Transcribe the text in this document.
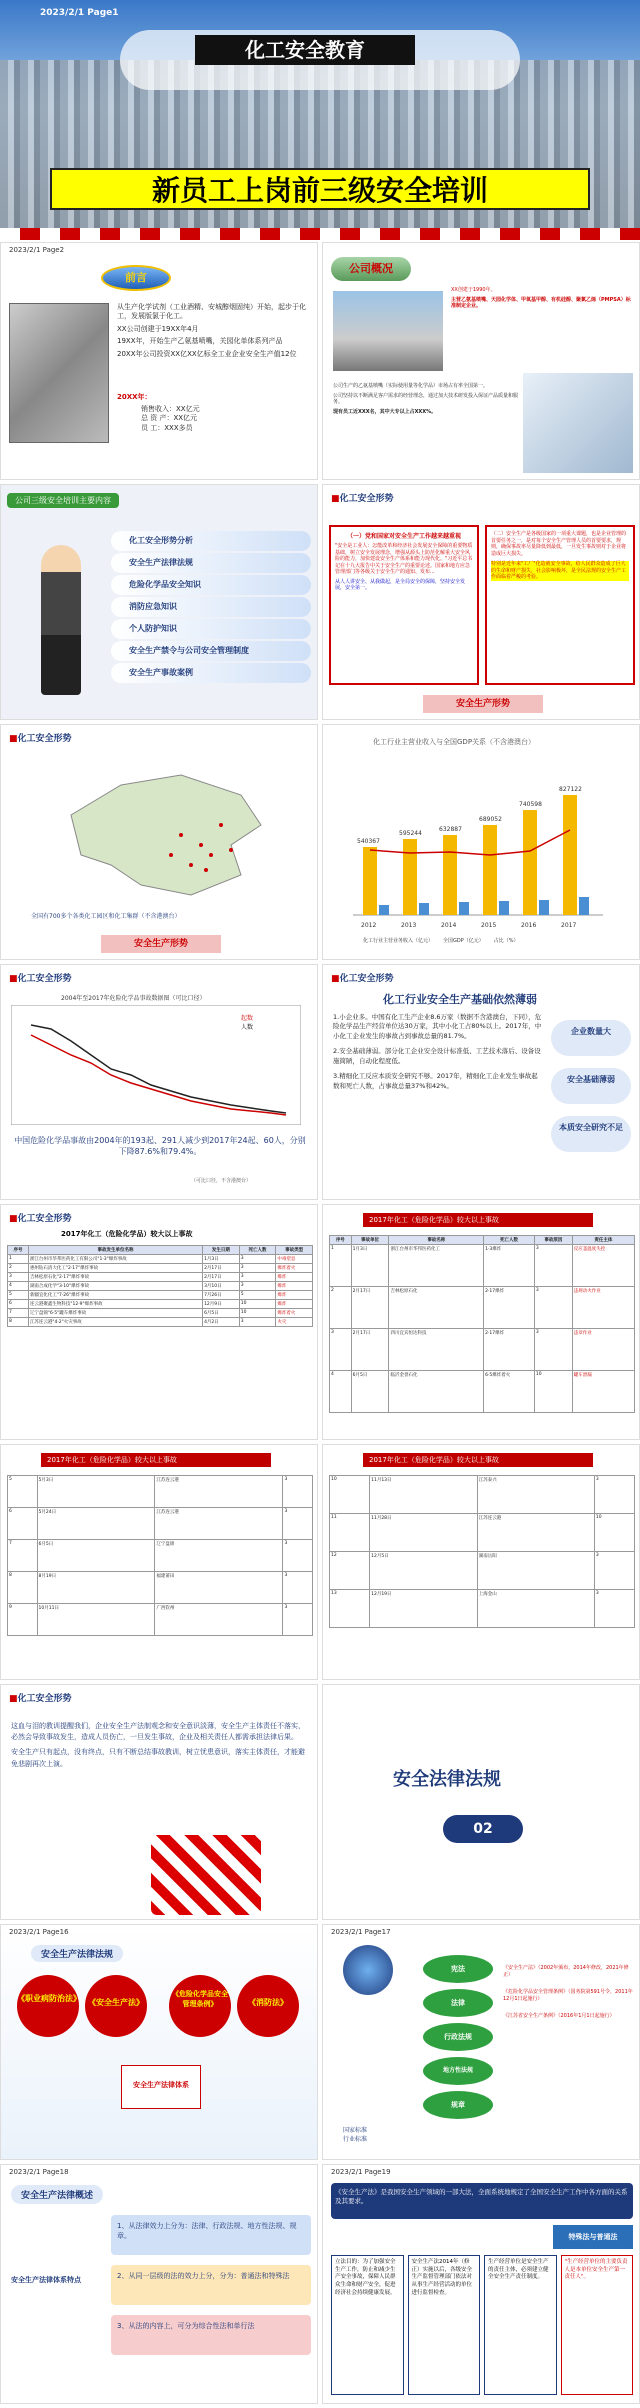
2023/2/1 Page1
化工安全教育
新员工上岗前三级安全培训
2023/2/1 Page2
前言
从生产化学试剂（工业酒精、安城醇烟固纯）开始，起步于化工，发展版氯于化工。
XX公司创建于19XX年4月
19XX年，开始生产乙氨基喷嘴，关园化单体系列产品
20XX年公司投资XX亿XX亿标全工业企业安全生产值12位
20XX年：
销售收入：XX亿元
总 资 产：XX亿元
员 工：XXX多员
公司概况
XX创建于1990年。
主营乙氨基喷嘴、天园化学体、甲氧基甲醇、有机硅醇、聚氯乙烯（PMPSA）标准制定企业。
公司生产的乙氨基喷嘴（实际使用量等化学品）市场占有率全国第一。
公司坚持以不断满足客户需求的经营理念，通过加大技术研发投入保证产品质量和服务。
现有员工近XXX名，其中大专以上占XXX%。
公司三级安全培训主要内容
化工安全形势分析
安全生产法律法规
危险化学品安全知识
消防应急知识
个人防护知识
安全生产禁令与公司安全管理制度
安全生产事故案例
■化工安全形势
（一）党和国家对安全生产工作越来越重视
"安全是工业人：怎能改革和经济社会发展安全保障的重要物质基础，树立安全发展理念，增强从源头上防范化解重大安全风险的能力，加快建设安全生产体系和能力现代化。"习近平总书记在十九大报告中关于安全生产的重要论述。国家和地方应急管理部门等各级关于安全生产的通知、发布...
从人人讲安全、从我做起，是全局安全的保障，坚持安全发展，安全第一。
（二）安全生产是各级国家的一项重大课题，也是企业管理的首要任务之一，是对每个安全生产管理人员的首要要求，规则，确保事故率尽量降低到最低，一旦发生事故则对于企业将造成巨大损失。
特别是近年来"工厂"化造就安全事故，给人民群众造成了巨大的生命和财产损失，社会影响极坏，是全民法规的安全生产工作面临着严峻的考验。
安全生产形势
■化工安全形势
全国有700多个各类化工园区和化工集群（不含港澳台）
安全生产形势
化工行业主营业收入与全国GDP关系（不含港澳台）
540367
595244
632887
689052
740598
827122
2012	2013	2014	2015	2016	2017
化工行业主营业务收入（亿元） 全国GDP（亿元） 占比（%）
■化工安全形势
2004年至2017年危险化学品事故数据图（可比口径）
起数
人数
中国危险化学品事故由2004年的193起、291人减少到2017年24起、60人，分别下降87.6%和79.4%。
（可比口径，不含港澳台）
■化工安全形势
化工行业安全生产基础依然薄弱
1.小企业多。中国有化工生产企业8.6万家（数据不含港澳台，下同），危险化学品生产经营单位达30万家，其中小化工占80%以上。2017年，中小化工企业发生的事故占到事故总量的81.7%。
2.安全基础薄弱。部分化工企业安全设计标准低、工艺技术落后、设备设施简陋，自动化程度低。
3.精细化工反应本质安全研究不够。2017年，精细化工企业发生事故起数和死亡人数，占事故总量37%和42%。
企业数量大
安全基础薄弱
本质安全研究不足
■化工安全形势
2017年化工（危险化学品）较大以上事故
序号	事故发生单位名称	发生日期	死亡人数	事故类型
1	浙江台州市华邦医药化工有限公司"1·3"爆炸事故	1月3日	3	中毒窒息
2	惠州钻石清大化工"2·17"爆炸事故	2月17日	3	爆炸着火
3	吉林松原石化"2·17"爆炸事故	2月17日	3	爆炸
4	湖南合成化学"3·10"爆炸事故	3月10日	3	爆炸
5	新疆宜化化工"7·26"爆炸事故	7月26日	5	爆炸
6	连云港聚鑫生物科技"12·9"爆炸事故	12月9日	10	爆炸
7	辽宁盘锦"6·5"罐车爆炸事故	6月5日	10	爆炸着火
8	江苏连云港"4·2"火灾事故	4月2日	3	火灾
2017年化工（危险化学品）较大以上事故
序号	事故单位	事故名称	死亡人数	事故原因	责任主体
1	1月3日	浙江台州市华邦医药化工	1·3爆炸	3	反应釜温度失控
2	2月17日	吉林松原石化	2·17爆炸	3	违规动火作业
3	2月17日	四川宜宾恒达科技	2·17爆炸	3	违章作业
4	6月5日	临沂金誉石化	6·5爆炸着火	10	罐车泄漏
2017年化工（危险化学品）较大以上事故
5	5月3日	江苏连云港	3
6	5月24日	江苏连云港	3
7	6月5日	辽宁盘锦	3
8	8月19日	福建莆田	3
9	10月11日	广西钦州	3
2017年化工（危险化学品）较大以上事故
10	11月13日	江苏泰兴	3
11	11月28日	江苏连云港	10
12	12月5日	湖南岳阳	3
13	12月19日	上海金山	3
■化工安全形势

这血与泪的教训提醒我们，企业安全生产法制观念和安全意识淡薄，安全生产主体责任不落实，必然会导致事故发生，造成人员伤亡，一旦发生事故，企业及相关责任人都需承担法律后果。

安全生产只有起点，没有终点，只有不断总结事故教训，树立忧患意识，落实主体责任，才能避免悲剧再次上演。

安全法律法规
02
2023/2/1 Page16
安全生产法律法规
《职业病防治法》 《安全生产法》
《危险化学品安全管理条例》	《消防法》
安全生产法律体系
2023/2/1 Page17
宪法
法律
行政法规
地方性法规
规章
《安全生产法》（2002年颁布，2014年修改，2021年修正）
《危险化学品安全管理条例》（国务院第591号令，2011年12月1日起施行）
《江苏省安全生产条例》（2016年1月1日起施行）
国家标准
行业标准
2023/2/1 Page18
安全生产法律概述
安全生产法律体系特点
1、从法律效力上分为：法律、行政法规、地方性法规、规章。
2、从同一层级的法的效力上分，分为：普通法和特殊法
3、从法的内容上，可分为综合性法和单行法
2023/2/1 Page19
《安全生产法》是我国安全生产领域的一部大法，全面系统地规定了全国安全生产工作中各方面的关系及其要求。
特殊法与普通法
立法目的：为了加强安全生产工作，防止和减少生产安全事故，保障人民群众生命和财产安全，促进经济社会持续健康发展。
安全生产法2014年（修正）实施以后，各级安全生产监督管理部门依法对从事生产经营活动的单位进行监督检查。
生产经营单位是安全生产的责任主体，必须建立健全安全生产责任制度。
"生产经营单位的主要负责人是本单位安全生产第一责任人"。
